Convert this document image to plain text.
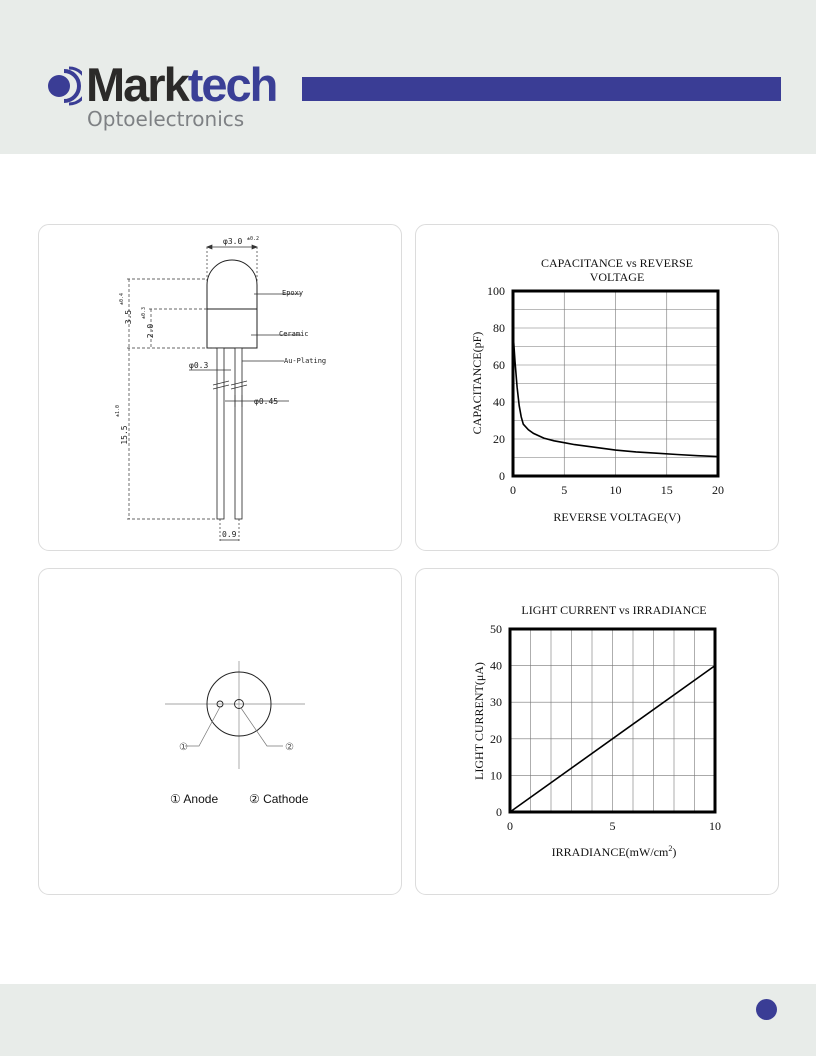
Marktech
Optoelectronics
φ3.0 ±0.2
3.5
±0.4
2.0
±0.3
15.5
±1.0
Epoxy
Ceramic
Au-Plating
φ0.3
φ0.45
0.9
CAPACITANCE vs REVERSE
VOLTAGE
REVERSE VOLTAGE(V)
CAPACITANCE(pF)
0	5	10	15	20
0
20
40
60
80
100
①	②
① Anode	② Cathode
LIGHT CURRENT vs IRRADIANCE
$IRRADIANCE(mW/cm^2)$
LIGHT CURRENT(μA)
0	5	10
0
10
20
30
40
50
